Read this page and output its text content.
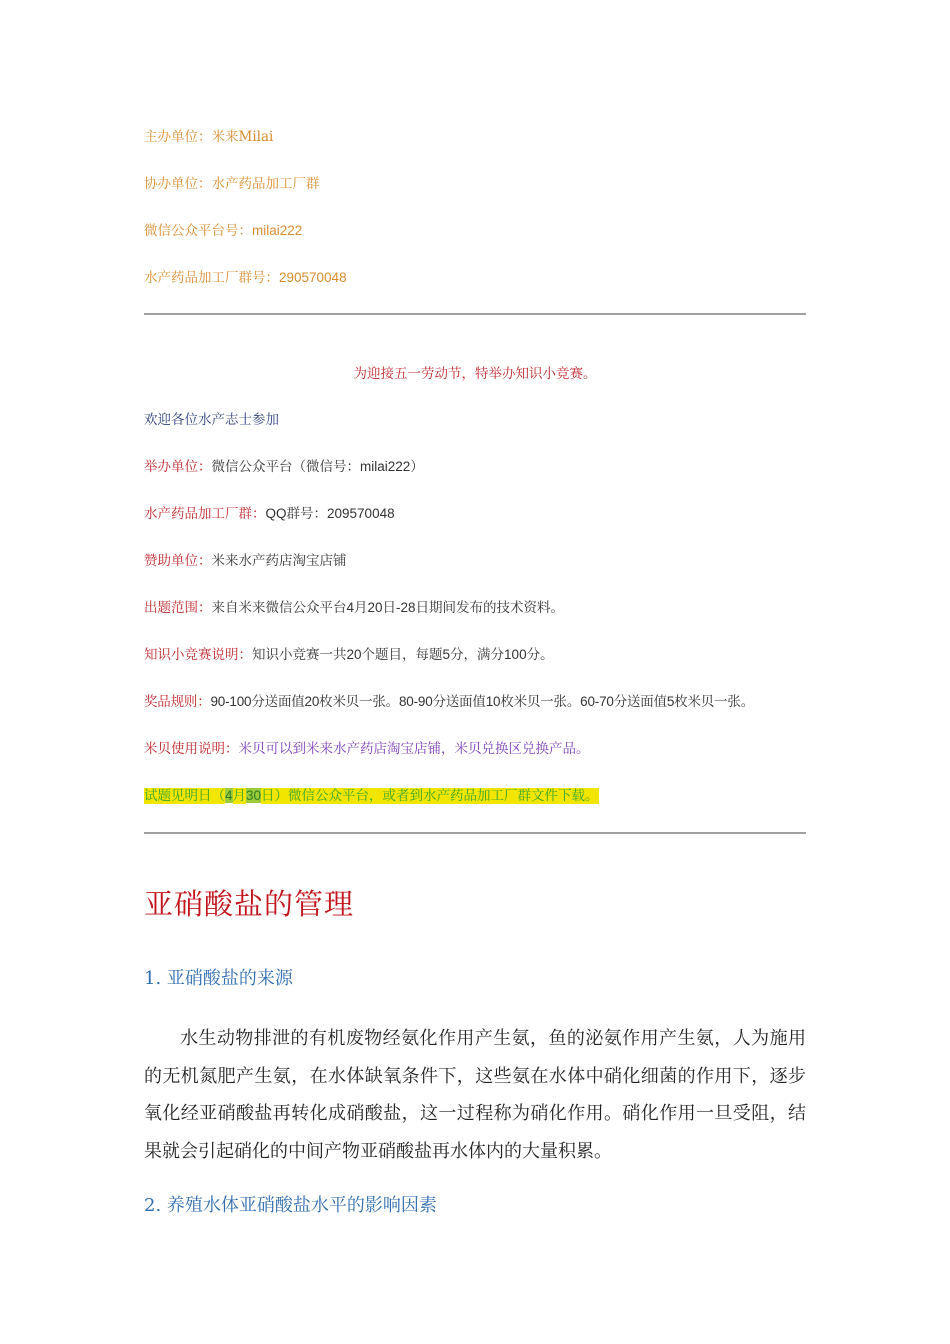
主办单位：米来Milai
协办单位：水产药品加工厂群
微信公众平台号：milai222
水产药品加工厂群号：290570048
为迎接五一劳动节，特举办知识小竞赛。
欢迎各位水产志士参加
举办单位：微信公众平台（微信号：milai222）
水产药品加工厂群：QQ群号：209570048
赞助单位：米来水产药店淘宝店铺
出题范围：来自米来微信公众平台4月20日-28日期间发布的技术资料。
知识小竞赛说明：知识小竞赛一共20个题目，每题5分，满分100分。
奖品规则：90-100分送面值20枚米贝一张。80-90分送面值10枚米贝一张。60-70分送面值5枚米贝一张。
米贝使用说明：米贝可以到米来水产药店淘宝店铺，米贝兑换区兑换产品。
试题见明日（4月30日）微信公众平台，或者到水产药品加工厂群文件下载。
亚硝酸盐的管理
1. 亚硝酸盐的来源
水生动物排泄的有机废物经氨化作用产生氨，鱼的泌氨作用产生氨，人为施用的无机氮肥产生氨，在水体缺氧条件下，这些氨在水体中硝化细菌的作用下，逐步氧化经亚硝酸盐再转化成硝酸盐，这一过程称为硝化作用。硝化作用一旦受阻，结果就会引起硝化的中间产物亚硝酸盐再水体内的大量积累。
2. 养殖水体亚硝酸盐水平的影响因素
